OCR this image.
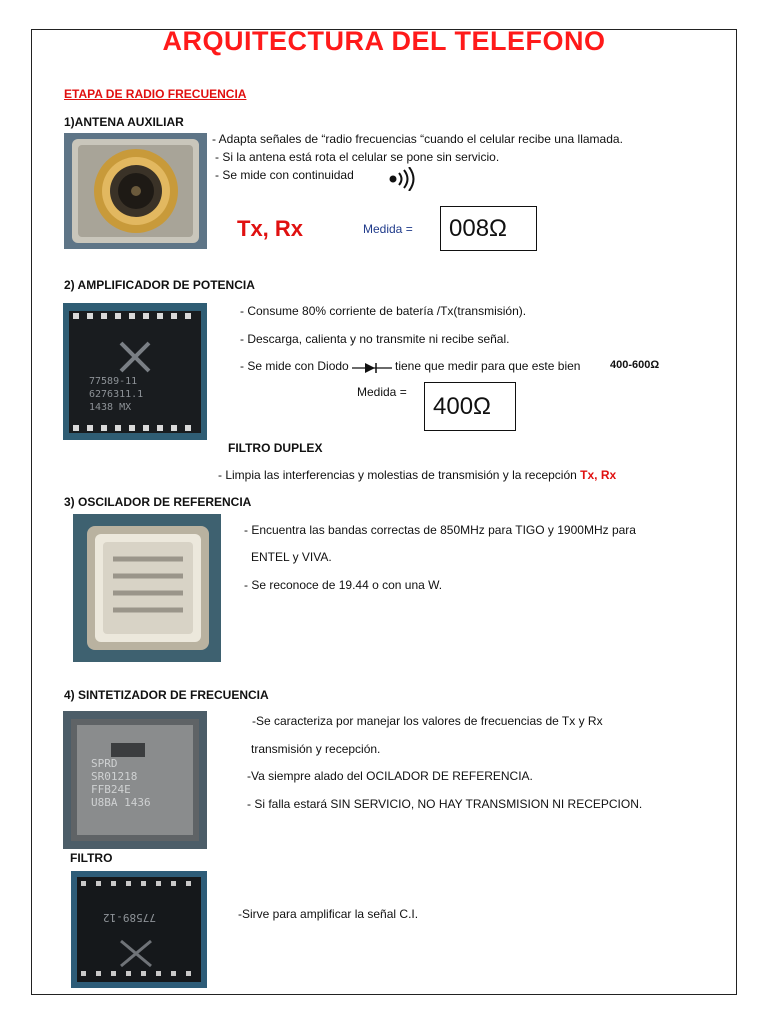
ARQUITECTURA DEL TELEFONO
ETAPA DE RADIO FRECUENCIA
1)ANTENA AUXILIAR
- Adapta señales de “radio frecuencias “cuando el celular recibe una llamada.
- Si la antena está rota el celular se pone sin servicio.
- Se mide con continuidad
Tx, Rx	Medida =	008Ω
2) AMPLIFICADOR DE POTENCIA
77589-11
6276311.1
1438 MX
- Consume 80% corriente de batería /Tx(transmisión).
- Descarga, calienta y no transmite ni recibe señal.
- Se mide con Diodo	tiene que medir para que este bien	400-600Ω
Medida =
400Ω
FILTRO DUPLEX
- Limpia las interferencias y molestias de transmisión y la recepción Tx, Rx
3) OSCILADOR DE REFERENCIA
- Encuentra las bandas correctas de 850MHz para TIGO y 1900MHz para
ENTEL y VIVA.
- Se reconoce de 19.44 o con una W.
4) SINTETIZADOR DE FRECUENCIA
SPRD
SR01218
FFB24E
U8BA 1436
-Se caracteriza por manejar los valores de frecuencias de Tx y Rx
transmisión y recepción.
-Va siempre alado del OCILADOR DE REFERENCIA.
- Si falla estará SIN SERVICIO, NO HAY TRANSMISION NI RECEPCION.
FILTRO
77589-12	-Sirve para amplificar la señal C.I.
